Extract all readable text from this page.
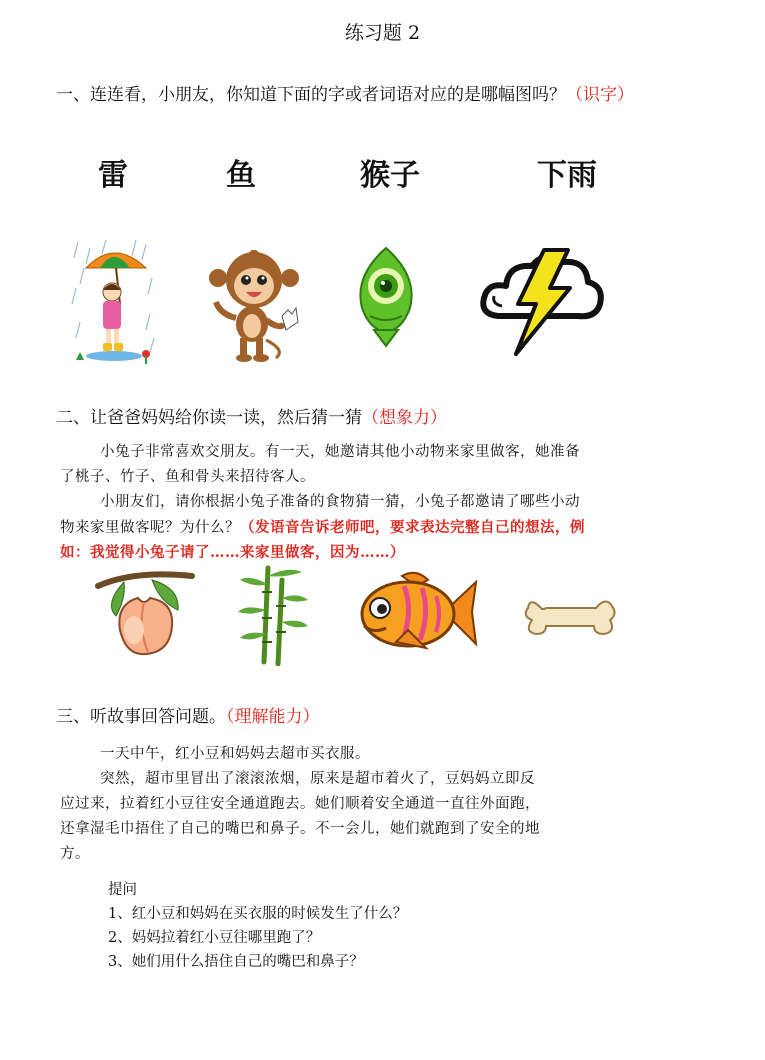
练习题 2
一、连连看，小朋友，你知道下面的字或者词语对应的是哪幅图吗？（识字）
雷	鱼	猴子	下雨
二、让爸爸妈妈给你读一读，然后猜一猜（想象力）
小兔子非常喜欢交朋友。有一天，她邀请其他小动物来家里做客，她准备
了桃子、竹子、鱼和骨头来招待客人。
小朋友们，请你根据小兔子准备的食物猜一猜，小兔子都邀请了哪些小动
物来家里做客呢？为什么？（发语音告诉老师吧，要求表达完整自己的想法，例
如：我觉得小兔子请了……来家里做客，因为……）
三、听故事回答问题。（理解能力）
一天中午，红小豆和妈妈去超市买衣服。
突然，超市里冒出了滚滚浓烟，原来是超市着火了，豆妈妈立即反
应过来，拉着红小豆往安全通道跑去。她们顺着安全通道一直往外面跑，
还拿湿毛巾捂住了自己的嘴巴和鼻子。不一会儿，她们就跑到了安全的地
方。
提问
1、红小豆和妈妈在买衣服的时候发生了什么？
2、妈妈拉着红小豆往哪里跑了？
3、她们用什么捂住自己的嘴巴和鼻子？
